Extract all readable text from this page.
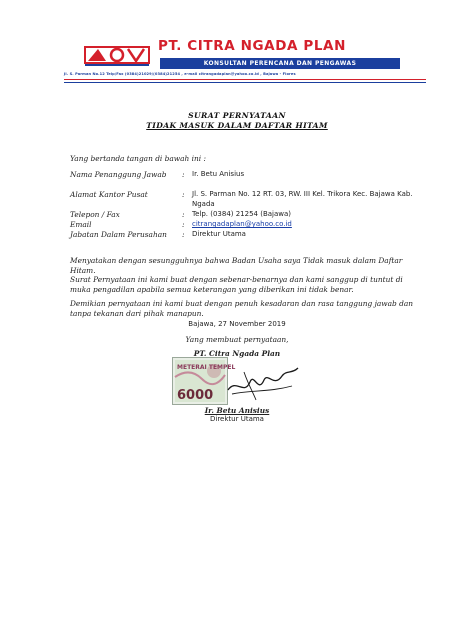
PT. CITRA NGADA PLAN
KONSULTAN PERENCANA DAN PENGAWAS
Jl. S. Parman No.12 Telp/Fax (0384)21029/(0384)21254 , e-mail citrangadaplan@yahoo.co.id , Bajawa - Flores
SURAT PERNYATAAN
TIDAK MASUK DALAM DAFTAR HITAM
Yang bertanda tangan di bawah ini :
Nama Penanggung Jawab	: Ir. Betu Anisius
Alamat Kantor Pusat	: Jl. S. Parman No. 12 RT. 03, RW. III Kel. Trikora Kec. Bajawa Kab. Ngada
Telepon / Fax	: Telp. (0384) 21254 (Bajawa)
Email	: citrangadaplan@yahoo.co.id
Jabatan Dalam Perusahan	: Direktur Utama
Menyatakan dengan sesungguhnya bahwa Badan Usaha saya Tidak masuk dalam Daftar Hitam.
Surat Pernyataan ini kami buat dengan sebenar-benarnya dan kami sanggup di tuntut di muka pengadilan apabila semua keterangan yang diberikan ini tidak benar.
Demikian pernyataan ini kami buat dengan penuh kesadaran dan rasa tanggung jawab dan tanpa tekanan dari pihak manapun.
Bajawa, 27 November 2019
Yang membuat pernyataan,
PT. Citra Ngada Plan
METERAI TEMPEL
6000
Ir. Betu Anisius
Direktur Utama
